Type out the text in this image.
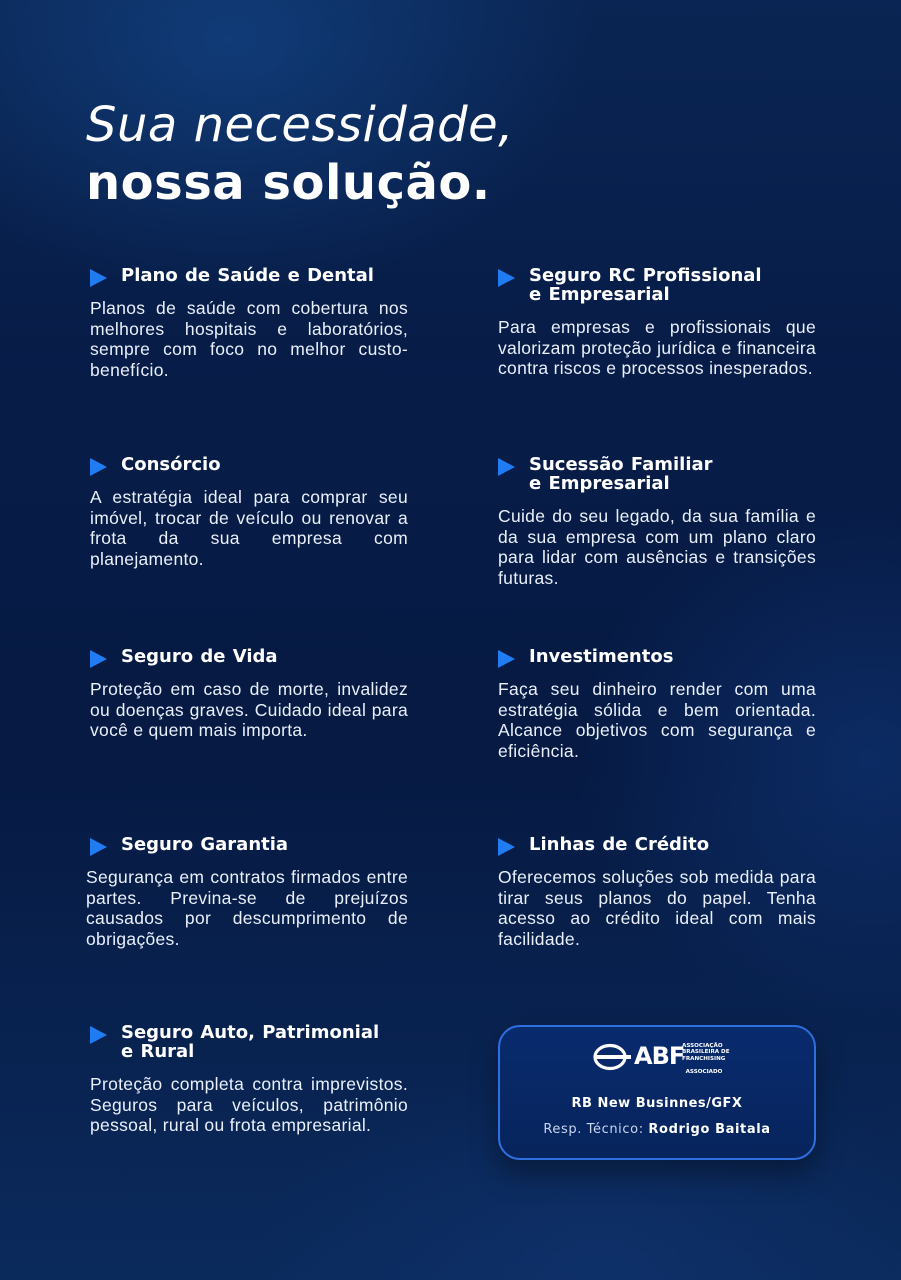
Sua necessidade,
nossa solução.
Plano de Saúde e Dental

Planos de saúde com cobertura nos melhores hospitais e laboratórios, sempre com foco no melhor custo-benefício.

Seguro RC Profissional
e Empresarial

Para empresas e profissionais que valorizam proteção jurídica e financeira contra riscos e processos inesperados.

Consórcio

A estratégia ideal para comprar seu imóvel, trocar de veículo ou renovar a frota da sua empresa com planejamento.

Sucessão Familiar
e Empresarial

Cuide do seu legado, da sua família e da sua empresa com um plano claro para lidar com ausências e transições futuras.

Seguro de Vida

Proteção em caso de morte, invalidez ou doenças graves. Cuidado ideal para você e quem mais importa.

Investimentos

Faça seu dinheiro render com uma estratégia sólida e bem orientada. Alcance objetivos com segurança e eficiência.

Seguro Garantia

Segurança em contratos firmados entre partes. Previna-se de prejuízos causados por descumprimento de obrigações.

Linhas de Crédito

Oferecemos soluções sob medida para tirar seus planos do papel. Tenha acesso ao crédito ideal com mais facilidade.

Seguro Auto, Patrimonial
e Rural

Proteção completa contra imprevistos. Seguros para veículos, patrimônio pessoal, rural ou frota empresarial.

ABF
ASSOCIAÇÃO
BRASILEIRA DE
FRANCHISING
ASSOCIADO
RB New Businnes/GFX
Resp. Técnico: Rodrigo Baitala
